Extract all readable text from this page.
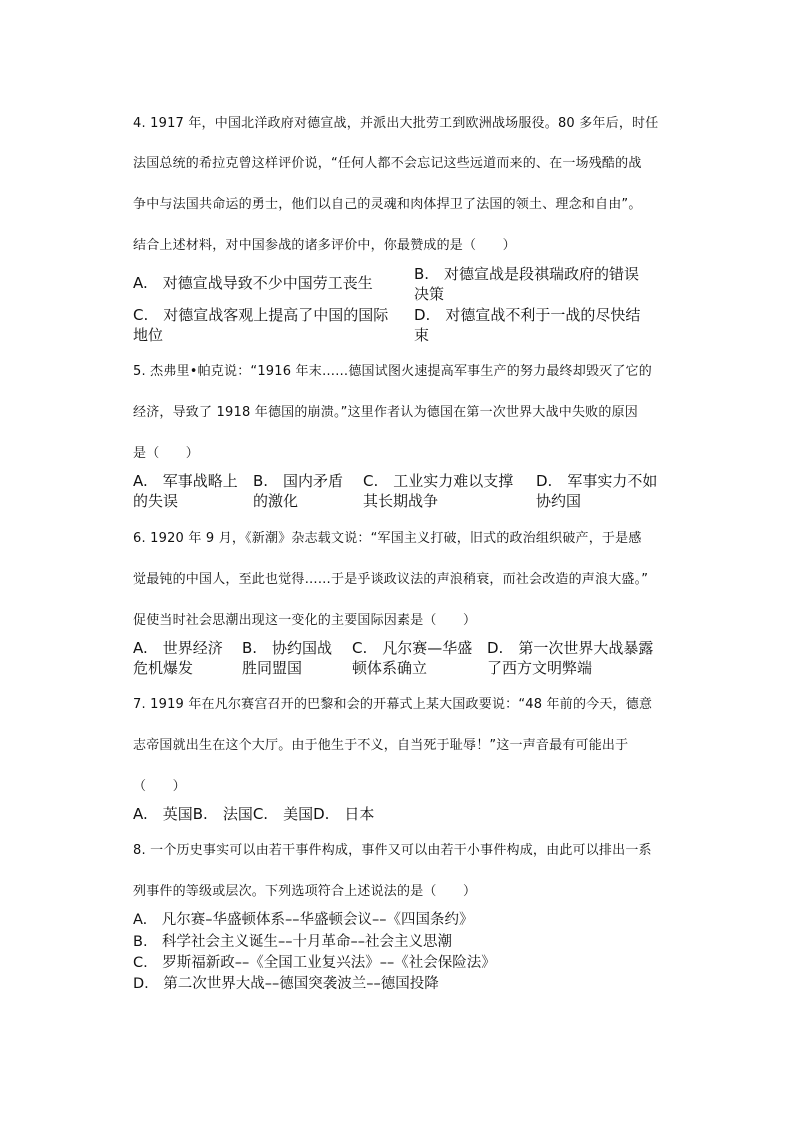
4. 1917 年，中国北洋政府对德宣战，并派出大批劳工到欧洲战场服役。80 多年后，时任
法国总统的希拉克曾这样评价说，“任何人都不会忘记这些远道而来的、在一场残酷的战
争中与法国共命运的勇士，他们以自己的灵魂和肉体捍卫了法国的领土、理念和自由”。
结合上述材料，对中国参战的诸多评价中，你最赞成的是（　　）
A.　对德宣战导致不少中国劳工丧生	B.　对德宣战是段祺瑞政府的错误
决策
C.　对德宣战客观上提高了中国的国际
地位
D.　对德宣战不利于一战的尽快结
束
5. 杰弗里•帕克说：“1916 年末……德国试图火速提高军事生产的努力最终却毁灭了它的
经济，导致了 1918 年德国的崩溃。”这里作者认为德国在第一次世界大战中失败的原因
是（　　）
A.　军事战略上
的失误
B.　国内矛盾
的激化
C.　工业实力难以支撑
其长期战争
D.　军事实力不如
协约国
6. 1920 年 9 月，《新潮》杂志载文说：“军国主义打破，旧式的政治组织破产，于是感
觉最钝的中国人，至此也觉得……于是乎谈政议法的声浪稍衰，而社会改造的声浪大盛。”
促使当时社会思潮出现这一变化的主要国际因素是（　　）
A.　世界经济
危机爆发
B.　协约国战
胜同盟国
C.　凡尔赛—华盛
顿体系确立
D.　第一次世界大战暴露
了西方文明弊端
7. 1919 年在凡尔赛宫召开的巴黎和会的开幕式上某大国政要说：“48 年前的今天，德意
志帝国就出生在这个大厅。由于他生于不义，自当死于耻辱！”这一声音最有可能出于
（　　）
A.　英国B.　法国C.　美国D.　日本
8. 一个历史事实可以由若干事件构成，事件又可以由若干小事件构成，由此可以排出一系
列事件的等级或层次。下列选项符合上述说法的是（　　）
A.　凡尔赛–华盛顿体系––华盛顿会议––《四国条约》
B.　科学社会主义诞生––十月革命––社会主义思潮
C.　罗斯福新政––《全国工业复兴法》––《社会保险法》
D.　第二次世界大战––德国突袭波兰––德国投降
